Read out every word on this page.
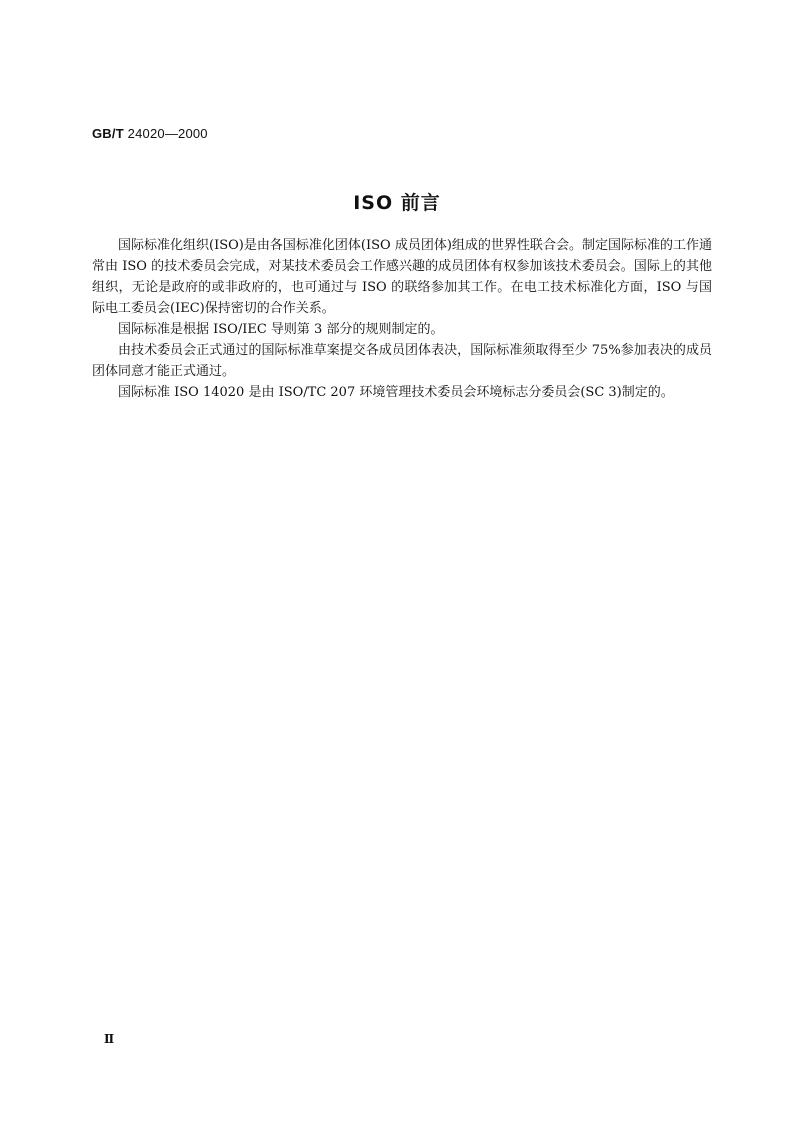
GB/T 24020—2000
ISO 前言

国际标准化组织(ISO)是由各国标准化团体(ISO 成员团体)组成的世界性联合会。制定国际标准的工作通常由 ISO 的技术委员会完成，对某技术委员会工作感兴趣的成员团体有权参加该技术委员会。国际上的其他组织，无论是政府的或非政府的，也可通过与 ISO 的联络参加其工作。在电工技术标准化方面，ISO 与国际电工委员会(IEC)保持密切的合作关系。

国际标准是根据 ISO/IEC 导则第 3 部分的规则制定的。

由技术委员会正式通过的国际标准草案提交各成员团体表决，国际标准须取得至少 75%参加表决的成员团体同意才能正式通过。

国际标准 ISO 14020 是由 ISO/TC 207 环境管理技术委员会环境标志分委员会(SC 3)制定的。

Ⅱ
